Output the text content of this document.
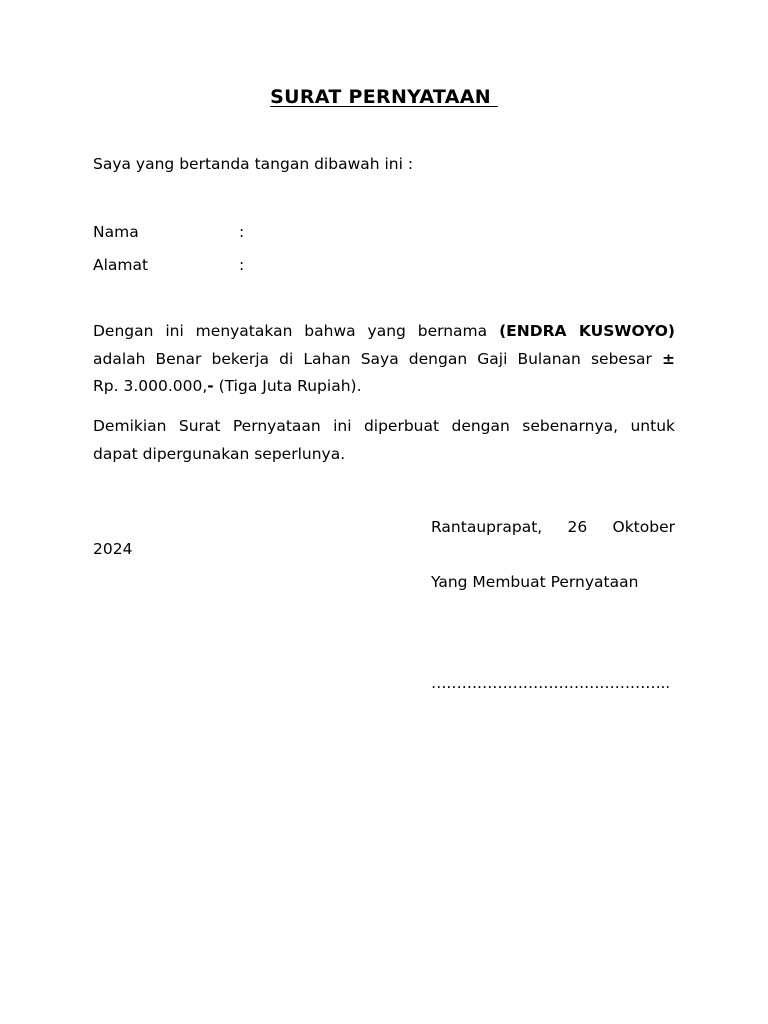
SURAT PERNYATAAN
Saya yang bertanda tangan dibawah ini :
Nama	:
Alamat	:
Dengan ini menyatakan bahwa yang bernama (ENDRA KUSWOYO)
adalah Benar bekerja di Lahan Saya dengan Gaji Bulanan sebesar ±
Rp. 3.000.000,- (Tiga Juta Rupiah).
Demikian Surat Pernyataan ini diperbuat dengan sebenarnya, untuk
dapat dipergunakan seperlunya.
Rantauprapat, 26 Oktober
2024
Yang Membuat Pernyataan
………………………………………..
